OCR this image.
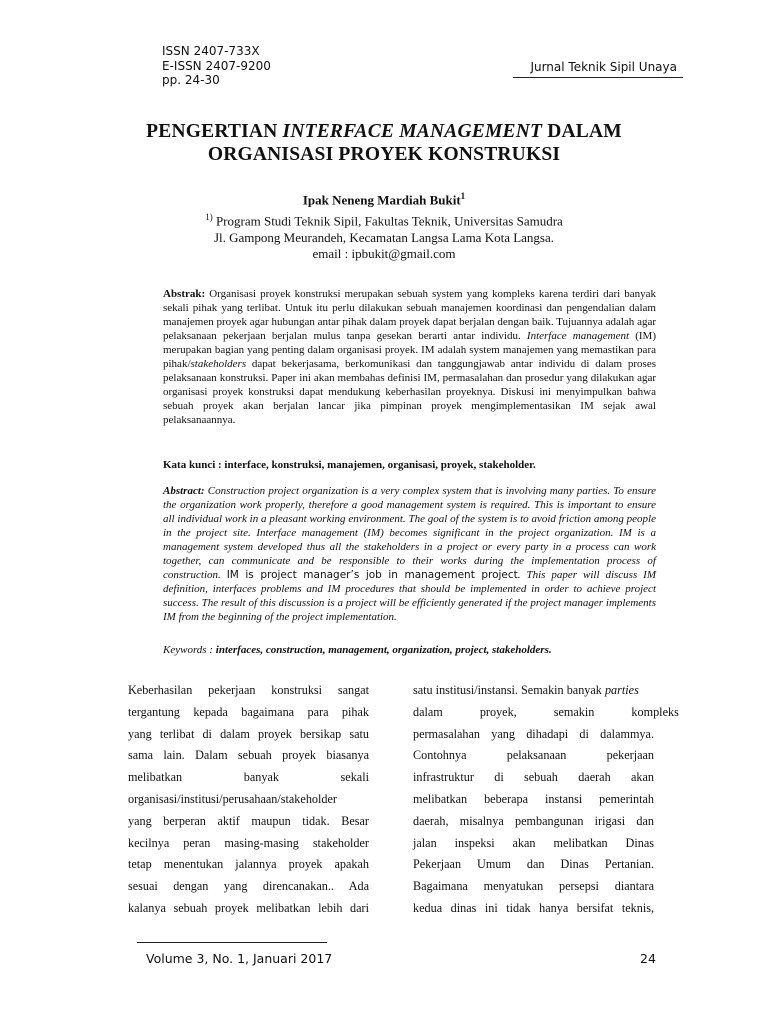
ISSN 2407-733X
E-ISSN 2407-9200
pp. 24-30
Jurnal Teknik Sipil Unaya
PENGERTIAN INTERFACE MANAGEMENT DALAM
ORGANISASI PROYEK KONSTRUKSI
Ipak Neneng Mardiah Bukit$^1$
$^{1)}$ Program Studi Teknik Sipil, Fakultas Teknik, Universitas Samudra
Jl. Gampong Meurandeh, Kecamatan Langsa Lama Kota Langsa.
email : ipbukit@gmail.com
Abstrak: Organisasi proyek konstruksi merupakan sebuah system yang kompleks karena terdiri dari banyak sekali pihak yang terlibat. Untuk itu perlu dilakukan sebuah manajemen koordinasi dan pengendalian dalam manajemen proyek agar hubungan antar pihak dalam proyek dapat berjalan dengan baik. Tujuannya adalah agar pelaksanaan pekerjaan berjalan mulus tanpa gesekan berarti antar individu. Interface management (IM) merupakan bagian yang penting dalam organisasi proyek. IM adalah system manajemen yang memastikan para pihak/stakeholders dapat bekerjasama, berkomunikasi dan tanggungjawab antar individu di dalam proses pelaksanaan konstruksi. Paper ini akan membahas definisi IM, permasalahan dan prosedur yang dilakukan agar organisasi proyek konstruksi dapat mendukung keberhasilan proyeknya. Diskusi ini menyimpulkan bahwa sebuah proyek akan berjalan lancar jika pimpinan proyek mengimplementasikan IM sejak awal pelaksanaannya.
Kata kunci : interface, konstruksi, manajemen, organisasi, proyek, stakeholder.
Abstract: Construction project organization is a very complex system that is involving many parties. To ensure the organization work properly, therefore a good management system is required. This is important to ensure all individual work in a pleasant working environment. The goal of the system is to avoid friction among people in the project site. Interface management (IM) becomes significant in the project organization. IM is a management system developed thus all the stakeholders in a project or every party in a process can work together, can communicate and be responsible to their works during the implementation process of construction. IM is project manager’s job in management project. This paper will discuss IM definition, interfaces problems and IM procedures that should be implemented in order to achieve project success. The result of this discussion is a project will be efficiently generated if the project manager implements IM from the beginning of the project implementation.
Keywords : interfaces, construction, management, organization, project, stakeholders.
Keberhasilan pekerjaan konstruksi sangat
tergantung kepada bagaimana para pihak
yang terlibat di dalam proyek bersikap satu
sama lain. Dalam sebuah proyek biasanya
melibatkan banyak sekali
organisasi/institusi/perusahaan/stakeholder
yang berperan aktif maupun tidak. Besar
kecilnya peran masing-masing stakeholder
tetap menentukan jalannya proyek apakah
sesuai dengan yang direncanakan.. Ada
kalanya sebuah proyek melibatkan lebih dari
satu institusi/instansi. Semakin banyak parties
dalam proyek, semakin kompleks
permasalahan yang dihadapi di dalammya.
Contohnya pelaksanaan pekerjaan
infrastruktur di sebuah daerah akan
melibatkan beberapa instansi pemerintah
daerah, misalnya pembangunan irigasi dan
jalan inspeksi akan melibatkan Dinas
Pekerjaan Umum dan Dinas Pertanian.
Bagaimana menyatukan persepsi diantara
kedua dinas ini tidak hanya bersifat teknis,
Volume 3, No. 1, Januari 2017	24
